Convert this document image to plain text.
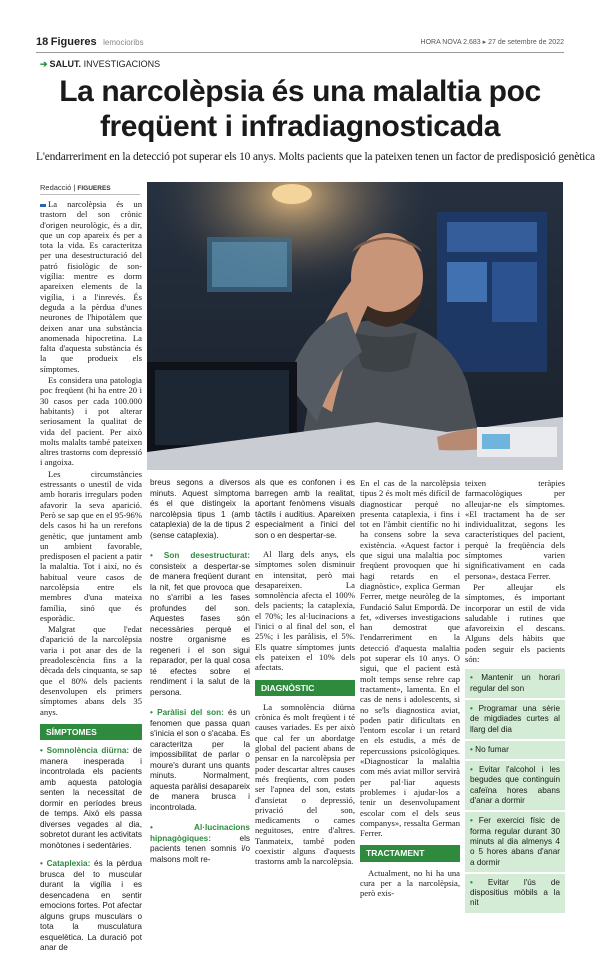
18 Figueres lemocioribs	HORA NOVA 2.683 ▸ 27 de setembre de 2022
➔ SALUT. INVESTIGACIONS
La narcolèpsia és una malaltia poc
freqüent i infradiagnosticada
L'endarreriment en la detecció pot superar els 10 anys. Molts pacients que la pateixen tenen un factor de predisposició genètica
Redacció | FIGUERES

La narcolèpsia és un trastorn del son crònic d'origen neurològic, és a dir, que un cop apareix és per a tota la vida. Es caracteritza per una desestructuració del patró fisiològic de son-vigília: mentre es dorm apareixen elements de la vigília, i a l'inrevés. És deguda a la pèrdua d'unes neurones de l'hipotàlem que deixen anar una substància anomenada hipocretina. La falta d'aquesta substància és la que produeix els símptomes.

Es considera una patologia poc freqüent (hi ha entre 20 i 30 casos per cada 100.000 habitants) i pot alterar seriosament la qualitat de vida del pacient. Per això molts malalts també pateixen altres trastorns com depressió i angoixa.

Les circumstàncies estressants o unestil de vida amb horaris irregulars poden afavorir la seva aparició. Però se sap que en el 95-96% dels casos hi ha un rerefons genètic, que juntament amb un ambient favorable, predisposen el pacient a patir la malaltia. Tot i així, no és habitual veure casos de narcolèpsia entre els membres d'una mateixa família, sinó que és esporàdic.

Malgrat que l'edat d'aparició de la narcolèpsia varia i pot anar des de la preadolescència fins a la dècada dels cinquanta, se sap que el 80% dels pacients desenvolupen els primers símptomes abans dels 35 anys.

SÍMPTOMES
• Somnolència diürna: de manera inesperada i incontrolada els pacients amb aquesta patologia senten la necessitat de dormir en períodes breus de temps. Això els passa diverses vegades al dia, sobretot durant les activitats monòtones i sedentàries.
• Cataplexia: és la pèrdua brusca del to muscular durant la vigília i es desencadena en sentir emocions fortes. Pot afectar alguns grups musculars o tota la musculatura esquelètica. La duració pot anar de
breus segons a diversos minuts. Aquest símptoma és el que distingeix la narcolèpsia tipus 1 (amb cataplexia) de la de tipus 2 (sense cataplexia).
• Son desestructurat: consisteix a despertar-se de manera freqüent durant la nit, fet que provoca que no s'arribi a les fases profundes del son. Aquestes fases són necessàries perquè el nostre organisme es regeneri i el son sigui reparador, per la qual cosa té efectes sobre el rendiment i la salut de la persona.
• Paràlisi del son: és un fenomen que passa quan s'inicia el son o s'acaba. Es caracteritza per la impossibilitat de parlar o moure's durant uns quants minuts. Normalment, aquesta paràlisi desapareix de manera brusca i incontrolada.
•	Al·lucinacions hipnagògiques:	els pacients tenen somnis i/o malsons molt re-
als que es confonen i es barregen amb la realitat, aportant fenòmens visuals tàctils i auditius. Apareixen especialment a l'inici del son o en despertar-se.

Al llarg dels anys, els símptomes solen disminuir en intensitat, però mai desapareixen. La somnolència afecta el 100% dels pacients; la cataplexia, el 70%; les al·lucinacions a l'inici o al final del son, el 25%; i les paràlisis, el 5%. Els quatre símptomes junts els pateixen el 10% dels afectats.

DIAGNÒSTIC

La somnolència diürna crònica és molt freqüent i té causes variades. Es per això que cal fer un abordatge global del pacient abans de pensar en la narcolèpsia per poder descartar altres causes més freqüents, com poden ser l'apnea del son, estats d'ansietat o depressió, privació del son, medicaments o cames neguitoses, entre d'altres. Tanmateix, també poden coexistir alguns d'aquests trastorns amb la narcolèpsia.

En el cas de la narcolèpsia tipus 2 és molt més difícil de diagnosticar perquè no presenta cataplexia, i fins i tot en l'àmbit científic no hi ha consens sobre la seva existència. «Aquest factor i que sigui una malaltia poc freqüent provoquen que hi hagi retards en el diagnòstic», explica German Ferrer, metge neuròleg de la Fundació Salut Empordà. De fet, «diverses investigacions han demostrat que l'endarreriment en la detecció d'aquesta malaltia pot superar els 10 anys. O sigui, que el pacient està molt temps sense rebre cap tractament», lamenta. En el cas de nens i adolescents, si no se'ls diagnostica aviat, poden patir dificultats en l'entorn escolar i un retard en els estudis, a més de repercussions psicològiques. «Diagnosticar la malaltia com més aviat millor servirà per pal·liar aquests problemes i ajudar-los a tenir un desenvolupament escolar com el dels seus companys», ressalta German Ferrer.

TRACTAMENT

Actualment, no hi ha una cura per a la narcolèpsia, però exis-

teixen teràpies farmacològiques per alleujar-ne els símptomes. «El tractament ha de ser individualitzat, segons les característiques del pacient, perquè la freqüència dels símptomes varien significativament en cada persona», destaca Ferrer.

Per alleujar els símptomes, és important incorporar un estil de vida saludable i rutines que afavoreixin el descans. Alguns dels hàbits que poden seguir els pacients són:

• Mantenir un horari regular del son
• Programar una sèrie de migdiades curtes al llarg del dia
• No fumar
• Evitar l'alcohol i les begudes que continguin cafeïna hores abans d'anar a dormir
• Fer exercici físic de forma regular durant 30 minuts al dia almenys 4 o 5 hores abans d'anar a dormir
• Evitar l'ús de dispositius mòbils a la nit
